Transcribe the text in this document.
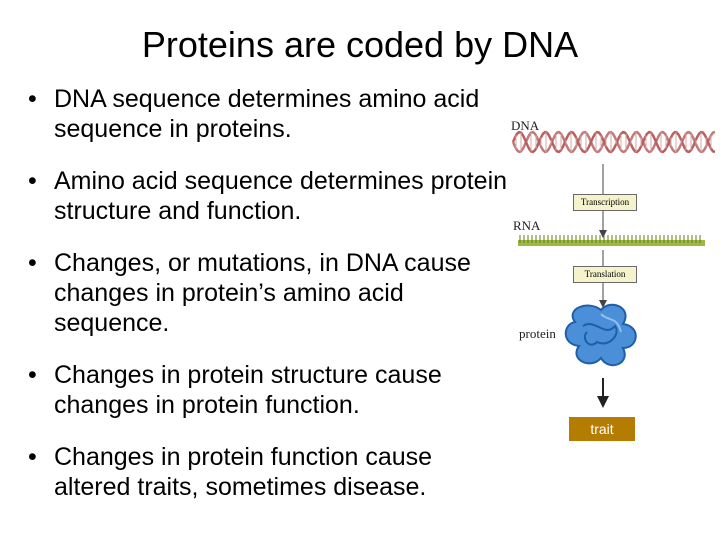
Proteins are coded by DNA
• DNA sequence determines amino acid sequence in proteins.
• Amino acid sequence determines protein structure and function.
• Changes, or mutations, in DNA cause changes in protein’s amino acid sequence.
• Changes in protein structure cause changes in protein function.
• Changes in protein function cause altered traits, sometimes disease.
DNA
Transcription
RNA
Translation
protein
trait
